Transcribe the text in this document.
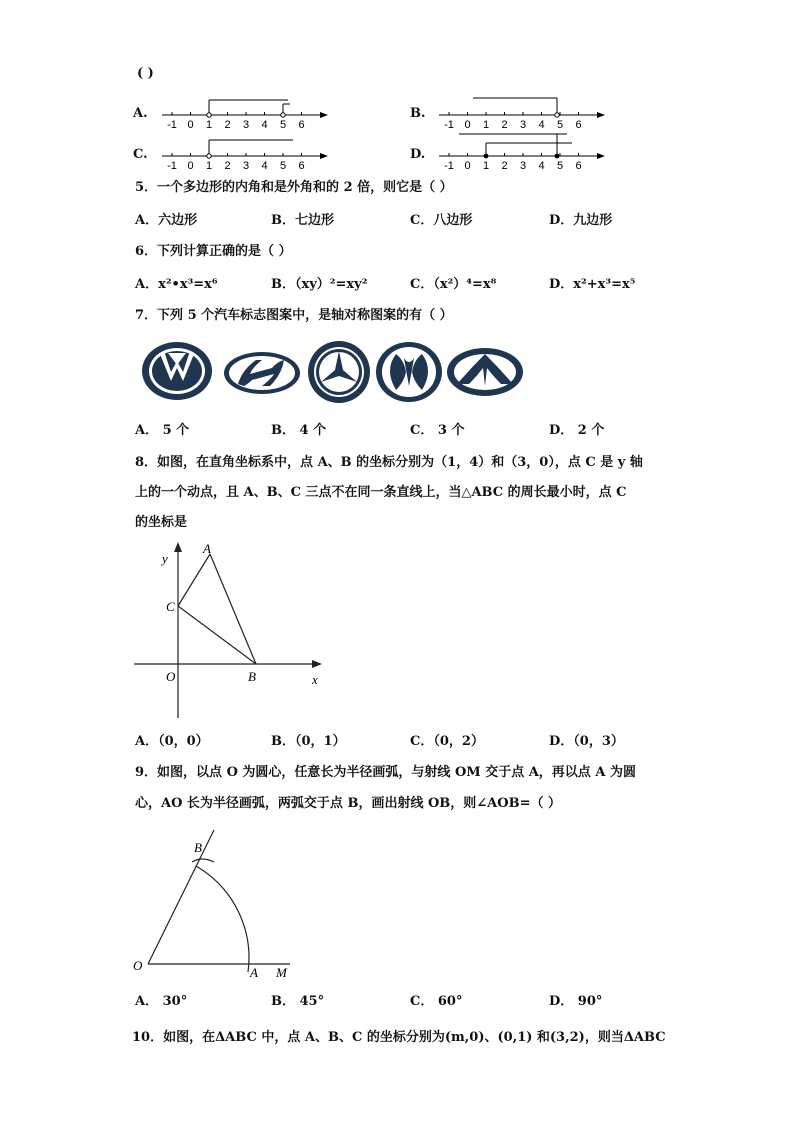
( )
A.
-1 0 1 2 3 4 5 6
B.
-1 0 1 2 3 4 5 6
C.
-1 0 1 2 3 4 5 6
D.
-1 0 1 2 3 4 5 6
5．一个多边形的内角和是外角和的 2 倍，则它是（ ）
A．六边形	B．七边形	C．八边形	D．九边形
6．下列计算正确的是（ ）
A．x²•x³=x⁶	B．（xy）²=xy²	C．（x²）⁴=x⁸	D．x²+x³=x⁵
7．下列 5 个汽车标志图案中，是轴对称图案的有（ ）
A． 5 个	B． 4 个	C． 3 个	D． 2 个
8．如图，在直角坐标系中，点 A、B 的坐标分别为（1，4）和（3，0），点 C 是 y 轴
上的一个动点，且 A、B、C 三点不在同一条直线上，当△ABC 的周长最小时，点 C
的坐标是
y
x
O
A
B
C
A．（0，0）	B．（0，1）	C．（0，2）	D．（0，3）
9．如图，以点 O 为圆心，任意长为半径画弧，与射线 OM 交于点 A，再以点 A 为圆
心，AO 长为半径画弧，两弧交于点 B，画出射线 OB，则∠AOB=（ ）
O	A M
B
A． 30°	B． 45°	C． 60°	D． 90°
10．如图，在ΔABC 中，点 A、B、C 的坐标分别为(m,0)、(0,1) 和(3,2)，则当ΔABC
